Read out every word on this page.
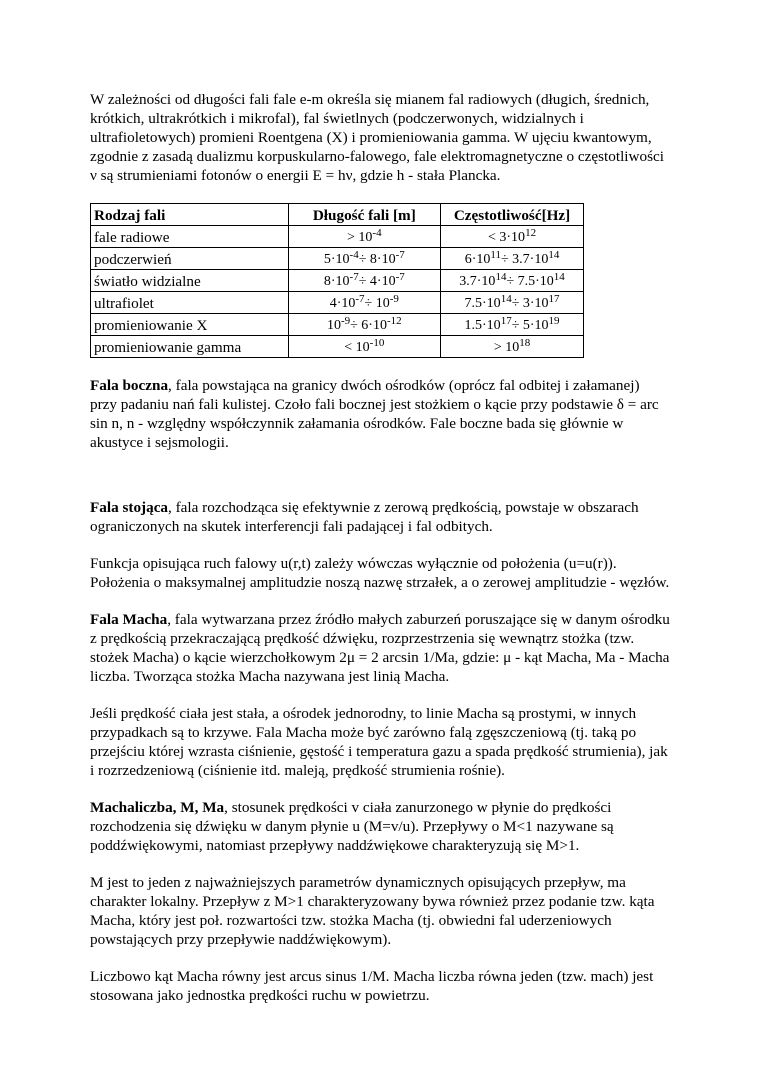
W zależności od długości fali fale e-m określa się mianem fal radiowych (długich, średnich, krótkich, ultrakrótkich i mikrofal), fal świetlnych (podczerwonych, widzialnych i ultrafioletowych) promieni Roentgena (X) i promieniowania gamma. W ujęciu kwantowym, zgodnie z zasadą dualizmu korpuskularno-falowego, fale elektromagnetyczne o częstotliwości ν są strumieniami fotonów o energii E = hν, gdzie h - stała Plancka.

Rodzaj fali	Długość fali [m]	Częstotliwość[Hz]
fale radiowe	> $10^{-4}$	< $3\cdot 10^{12}$
podczerwień	$5\cdot 10^{-4}\div 8\cdot 10^{-7}$	$6\cdot 10^{11}\div 3.7\cdot 10^{14}$
światło widzialne	$8\cdot 10^{-7}\div 4\cdot 10^{-7}$	$3.7\cdot 10^{14}\div 7.5\cdot 10^{14}$
ultrafiolet	$4\cdot 10^{-7}\div 10^{-9}$	$7.5\cdot 10^{14}\div 3\cdot 10^{17}$
promieniowanie X	$10^{-9}\div 6\cdot 10^{-12}$	$1.5\cdot 10^{17}\div 5\cdot 10^{19}$
promieniowanie gamma	< $10^{-10}$	> $10^{18}$

Fala boczna, fala powstająca na granicy dwóch ośrodków (oprócz fal odbitej i załamanej) przy padaniu nań fali kulistej. Czoło fali bocznej jest stożkiem o kącie przy podstawie δ = arc sin n, n - względny współczynnik załamania ośrodków. Fale boczne bada się głównie w akustyce i sejsmologii.

Fala stojąca, fala rozchodząca się efektywnie z zerową prędkością, powstaje w obszarach ograniczonych na skutek interferencji fali padającej i fal odbitych.

Funkcja opisująca ruch falowy u(r,t) zależy wówczas wyłącznie od położenia (u=u(r)). Położenia o maksymalnej amplitudzie noszą nazwę strzałek, a o zerowej amplitudzie - węzłów.

Fala Macha, fala wytwarzana przez źródło małych zaburzeń poruszające się w danym ośrodku z prędkością przekraczającą prędkość dźwięku, rozprzestrzenia się wewnątrz stożka (tzw. stożek Macha) o kącie wierzchołkowym 2μ = 2 arcsin 1/Ma, gdzie: μ - kąt Macha, Ma - Macha liczba. Tworząca stożka Macha nazywana jest linią Macha.

Jeśli prędkość ciała jest stała, a ośrodek jednorodny, to linie Macha są prostymi, w innych przypadkach są to krzywe. Fala Macha może być zarówno falą zgęszczeniową (tj. taką po przejściu której wzrasta ciśnienie, gęstość i temperatura gazu a spada prędkość strumienia), jak i rozrzedzeniową (ciśnienie itd. maleją, prędkość strumienia rośnie).

Machaliczba, M, Ma, stosunek prędkości v ciała zanurzonego w płynie do prędkości rozchodzenia się dźwięku w danym płynie u (M=v/u). Przepływy o M<1 nazywane są poddźwiękowymi, natomiast przepływy naddźwiękowe charakteryzują się M>1.

M jest to jeden z najważniejszych parametrów dynamicznych opisujących przepływ, ma charakter lokalny. Przepływ z M>1 charakteryzowany bywa również przez podanie tzw. kąta Macha, który jest poł. rozwartości tzw. stożka Macha (tj. obwiedni fal uderzeniowych powstających przy przepływie naddźwiękowym).

Liczbowo kąt Macha równy jest arcus sinus 1/M. Macha liczba równa jeden (tzw. mach) jest stosowana jako jednostka prędkości ruchu w powietrzu.
